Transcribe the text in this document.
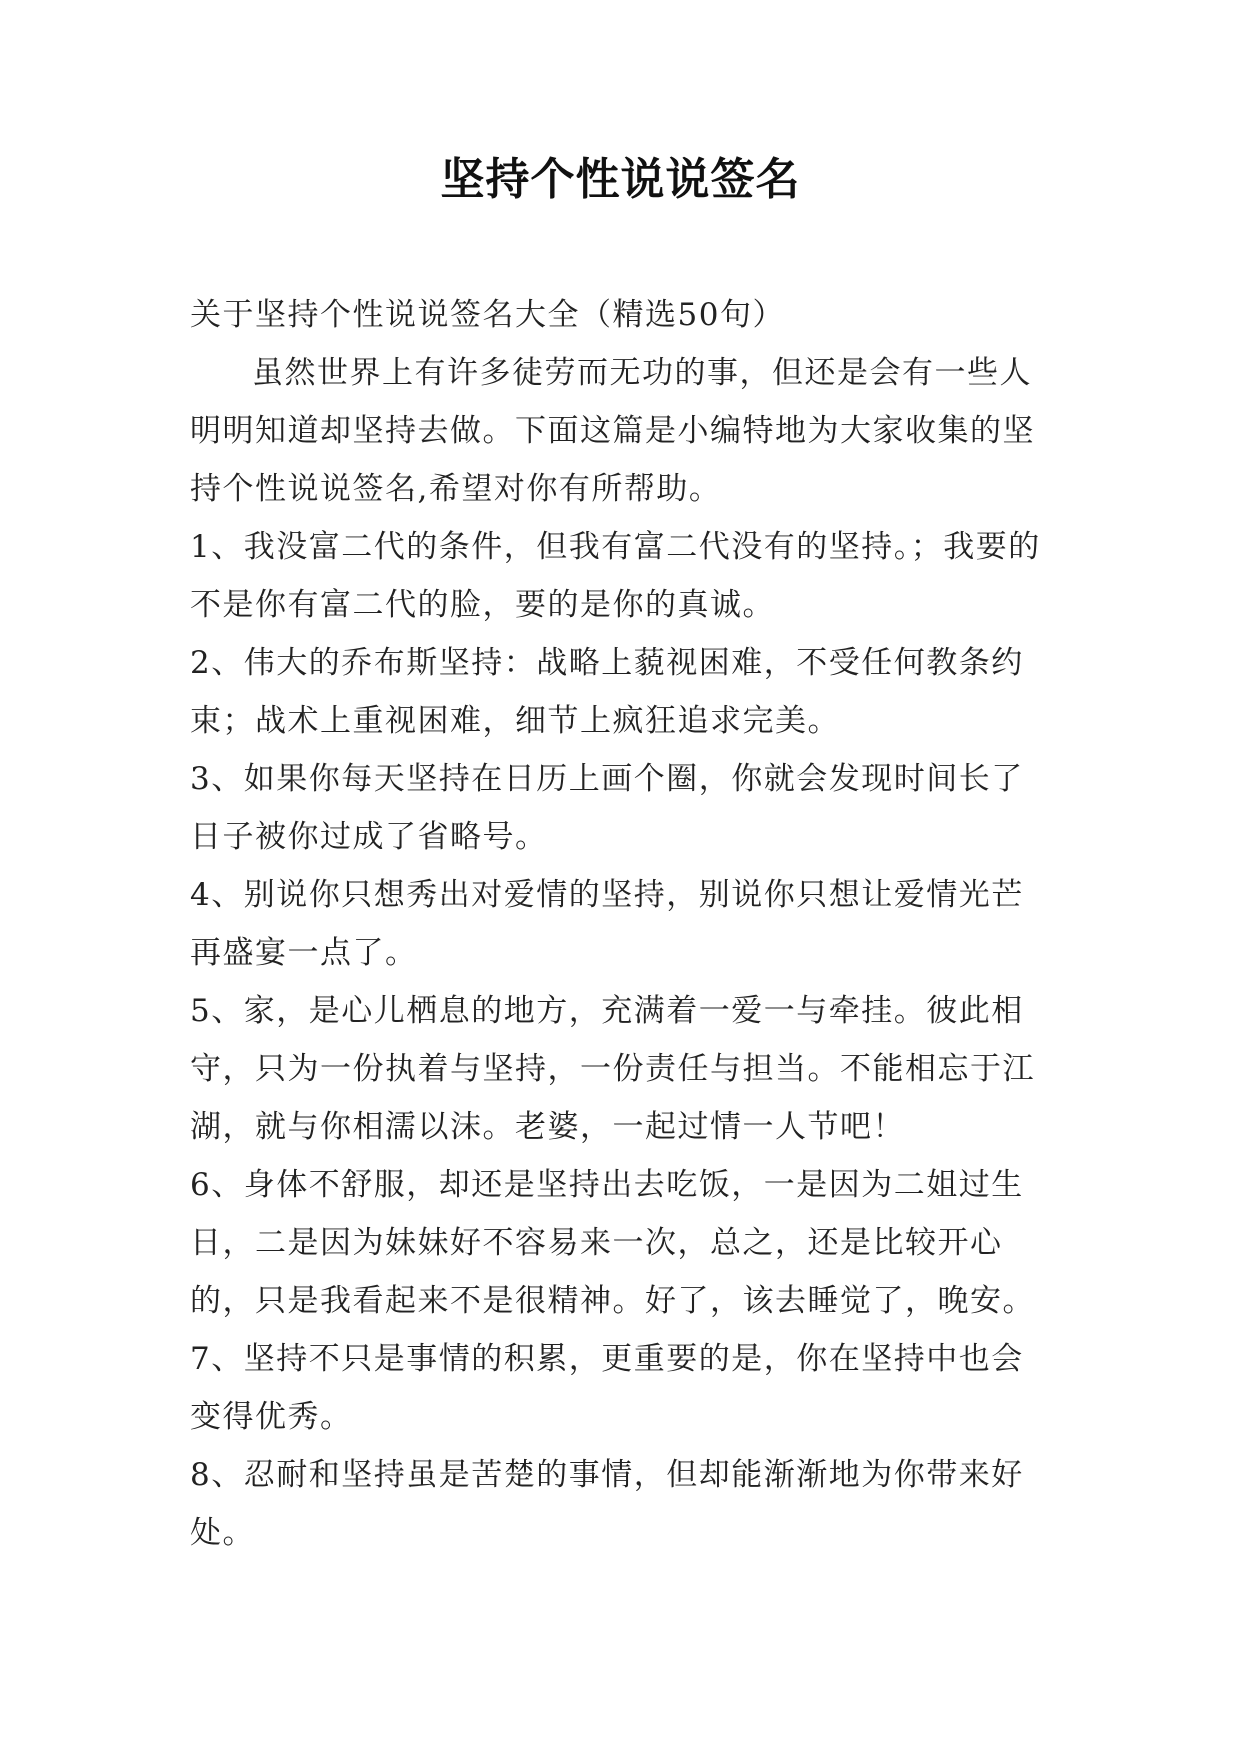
坚持个性说说签名

关于坚持个性说说签名大全（精选50句）

虽然世界上有许多徒劳而无功的事，但还是会有一些人明明知道却坚持去做。下面这篇是小编特地为大家收集的坚持个性说说签名,希望对你有所帮助。

1、我没富二代的条件，但我有富二代没有的坚持。；我要的不是你有富二代的脸，要的是你的真诚。

2、伟大的乔布斯坚持：战略上藐视困难，不受任何教条约束；战术上重视困难，细节上疯狂追求完美。

3、如果你每天坚持在日历上画个圈，你就会发现时间长了日子被你过成了省略号。

4、别说你只想秀出对爱情的坚持，别说你只想让爱情光芒再盛宴一点了。

5、家，是心儿栖息的地方，充满着一爱一与牵挂。彼此相守，只为一份执着与坚持，一份责任与担当。不能相忘于江湖，就与你相濡以沫。老婆，一起过情一人节吧！

6、身体不舒服，却还是坚持出去吃饭，一是因为二姐过生日，二是因为妹妹好不容易来一次，总之，还是比较开心的，只是我看起来不是很精神。好了，该去睡觉了，晚安。

7、坚持不只是事情的积累，更重要的是，你在坚持中也会变得优秀。

8、忍耐和坚持虽是苦楚的事情，但却能渐渐地为你带来好处。
